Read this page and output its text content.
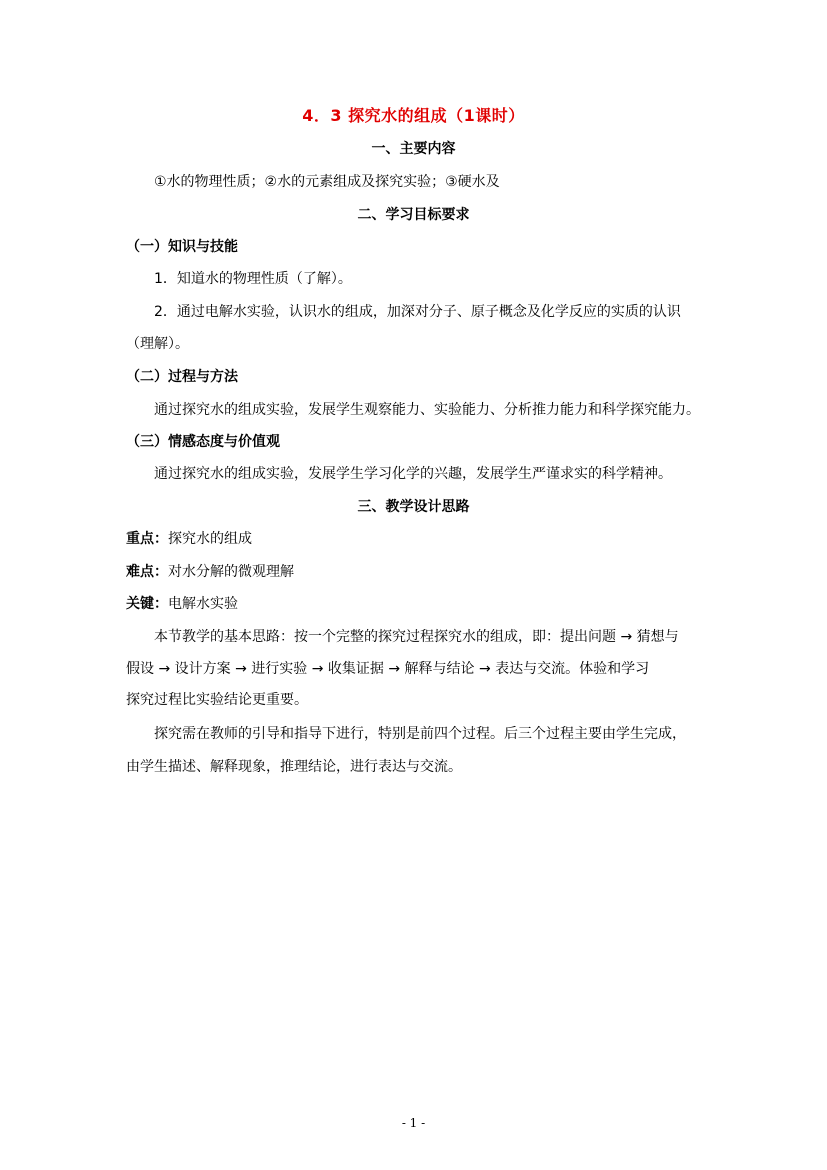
4．3 探究水的组成（1课时）
一、主要内容
①水的物理性质；②水的元素组成及探究实验；③硬水及
二、学习目标要求
（一）知识与技能
1．知道水的物理性质（了解）。
2．通过电解水实验，认识水的组成，加深对分子、原子概念及化学反应的实质的认识
（理解）。
（二）过程与方法
通过探究水的组成实验，发展学生观察能力、实验能力、分析推力能力和科学探究能力。
（三）情感态度与价值观
通过探究水的组成实验，发展学生学习化学的兴趣，发展学生严谨求实的科学精神。
三、教学设计思路
重点：探究水的组成
难点：对水分解的微观理解
关键：电解水实验
本节教学的基本思路：按一个完整的探究过程探究水的组成，即：提出问题 → 猜想与
假设 → 设计方案 → 进行实验 → 收集证据 → 解释与结论 → 表达与交流。体验和学习
探究过程比实验结论更重要。
探究需在教师的引导和指导下进行，特别是前四个过程。后三个过程主要由学生完成，
由学生描述、解释现象，推理结论，进行表达与交流。
- 1 -
